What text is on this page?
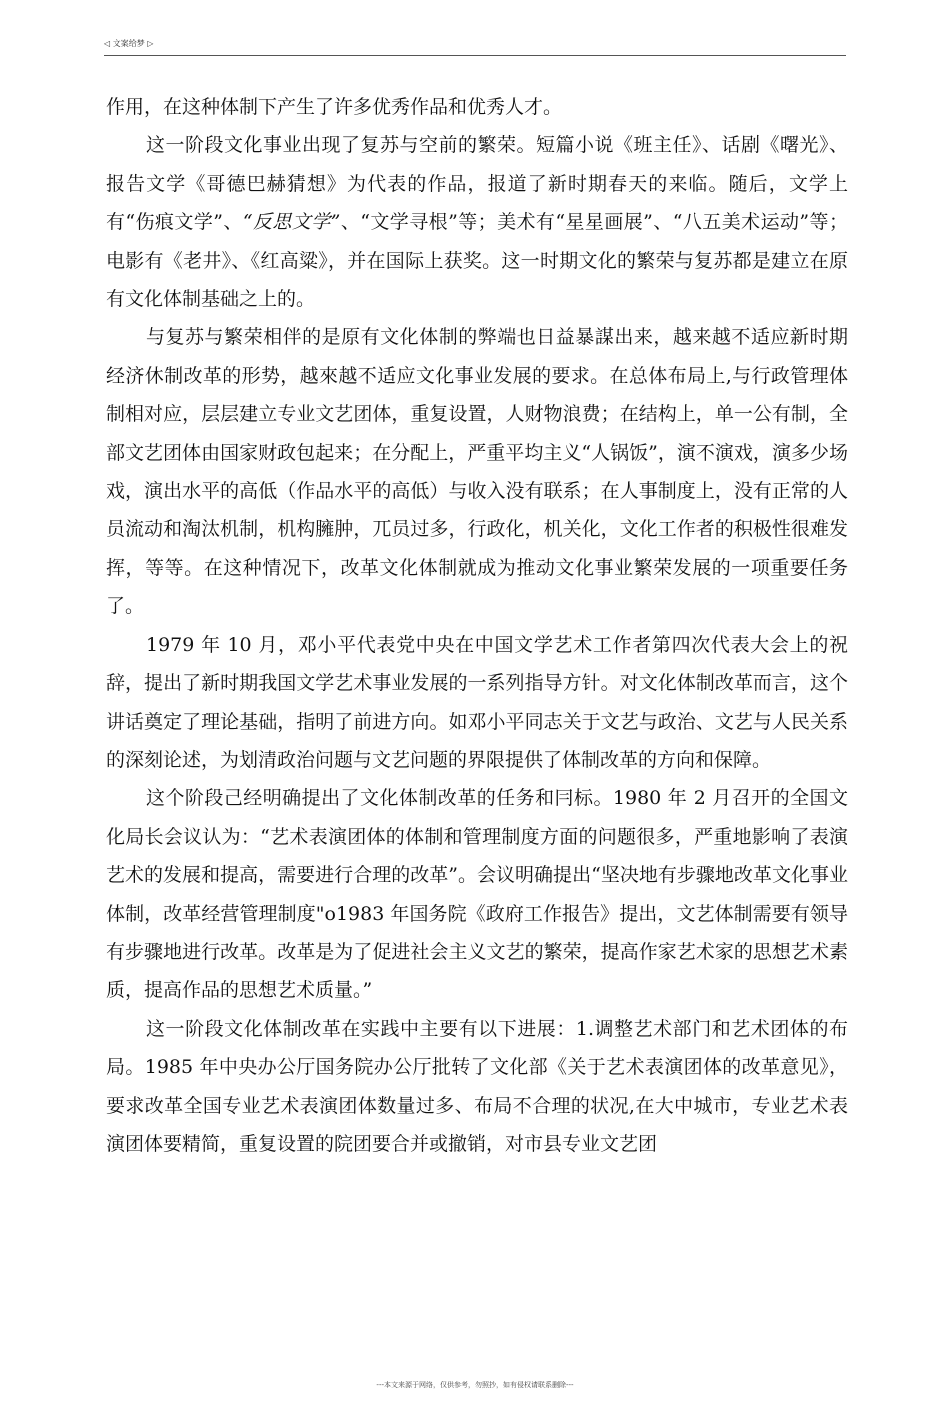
◁ 文案给梦 ▷

作用，在这种体制下产生了许多优秀作品和优秀人才。

这一阶段文化事业出现了复苏与空前的繁荣。短篇小说《班主任》、话剧《曙光》、报告文学《哥德巴赫猜想》为代表的作品，报道了新时期春天的来临。随后，文学上有“伤痕文学”、“反思文学”、“文学寻根”等；美术有“星星画展”、“八五美术运动”等；电影有《老井》、《红高粱》，并在国际上获奖。这一时期文化的繁荣与复苏都是建立在原有文化体制基础之上的。

与复苏与繁荣相伴的是原有文化体制的弊端也日益暴謀出来，越来越不适应新时期经济休制改革的形势，越來越不适应文化事业发展的要求。在总体布局上,与行政管理体制相对应，层层建立专业文艺团体，重复设置，人财物浪费；在结构上，单一公有制，全部文艺团体由国家财政包起来；在分配上，严重平均主义“人锅饭”，演不演戏，演多少场戏，演出水平的高低（作品水平的高低）与收入没有联系；在人事制度上，没有正常的人员流动和淘汰机制，机构臃肿，兀员过多，行政化，机关化，文化工作者的积极性很难发挥，等等。在这种情况下，改革文化体制就成为推动文化事业繁荣发展的一项重要任务了。

1979 年 10 月，邓小平代表党中央在中国文学艺术工作者第四次代表大会上的祝辞，提出了新时期我国文学艺术事业发展的一系列指导方针。对文化体制改革而言，这个讲话奠定了理论基础，指明了前进方向。如邓小平同志关于文艺与政治、文艺与人民关系的深刻论述，为划清政治问题与文艺问题的界限提供了体制改革的方向和保障。

这个阶段己经明确提出了文化体制改革的任务和冃标。1980 年 2 月召开的全国文化局长会议认为：“艺术表演团体的体制和管理制度方面的问题很多，严重地影响了表演艺术的发展和提高，需要进行合理的改革”。会议明确提出“坚决地有步骤地改革文化事业体制，改革经营管理制度"o1983 年国务院《政府工作报告》提出，文艺体制需要有领导有步骤地进行改革。改革是为了促进社会主义文艺的繁荣，提高作家艺术家的思想艺术素质，提高作品的思想艺术质量。”

这一阶段文化体制改革在实践中主要有以下进展：1.调整艺术部门和艺术团体的布局。1985 年中央办公厅国务院办公厅批转了文化部《关于艺术表演团体的改革意见》，要求改革全国专业艺术表演团体数量过多、布局不合理的状况,在大中城市，专业艺术表演团体要精简，重复设置的院团要合并或撤销，对市县专业文艺团

---本文来源于网络，仅供参考，勿照抄，如有侵权请联系删除---
